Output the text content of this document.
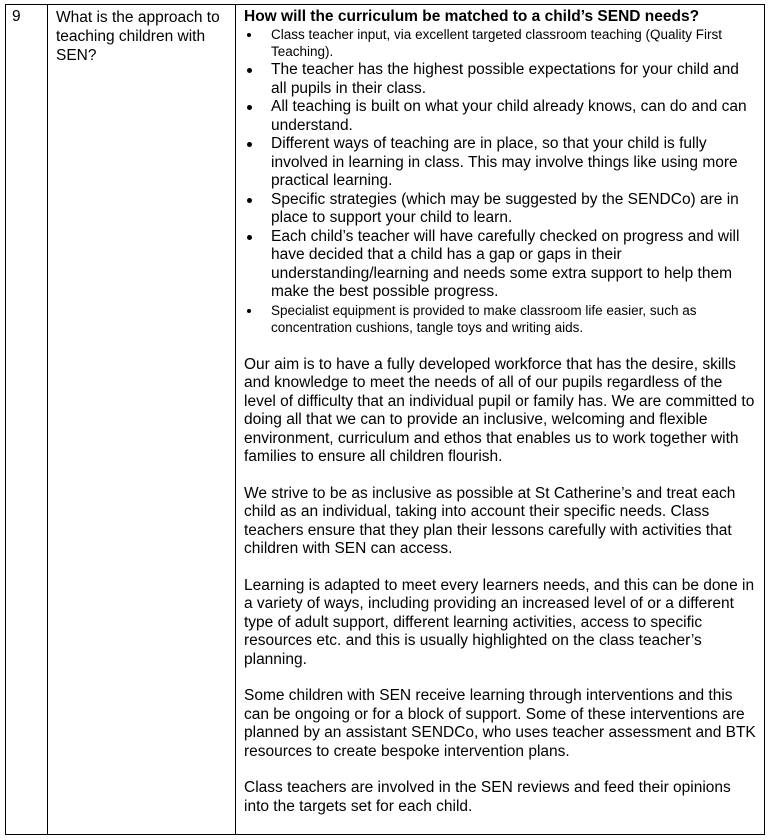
9	What is the approach to teaching children with SEN?

How will the curriculum be matched to a child’s SEND needs?

Class teacher input, via excellent targeted classroom teaching (Quality First Teaching).
The teacher has the highest possible expectations for your child and all pupils in their class.
All teaching is built on what your child already knows, can do and can understand.
Different ways of teaching are in place, so that your child is fully involved in learning in class. This may involve things like using more practical learning.
Specific strategies (which may be suggested by the SENDCo) are in place to support your child to learn.
Each child’s teacher will have carefully checked on progress and will have decided that a child has a gap or gaps in their understanding/learning and needs some extra support to help them make the best possible progress.
Specialist equipment is provided to make classroom life easier, such as concentration cushions, tangle toys and writing aids.

Our aim is to have a fully developed workforce that has the desire, skills and knowledge to meet the needs of all of our pupils regardless of the level of difficulty that an individual pupil or family has. We are committed to doing all that we can to provide an inclusive, welcoming and flexible environment, curriculum and ethos that enables us to work together with families to ensure all children flourish.

We strive to be as inclusive as possible at St Catherine’s and treat each child as an individual, taking into account their specific needs. Class teachers ensure that they plan their lessons carefully with activities that children with SEN can access.

Learning is adapted to meet every learners needs, and this can be done in a variety of ways, including providing an increased level of or a different type of adult support, different learning activities, access to specific resources etc. and this is usually highlighted on the class teacher’s planning.

Some children with SEN receive learning through interventions and this can be ongoing or for a block of support. Some of these interventions are planned by an assistant SENDCo, who uses teacher assessment and BTK resources to create bespoke intervention plans.

Class teachers are involved in the SEN reviews and feed their opinions into the targets set for each child.
